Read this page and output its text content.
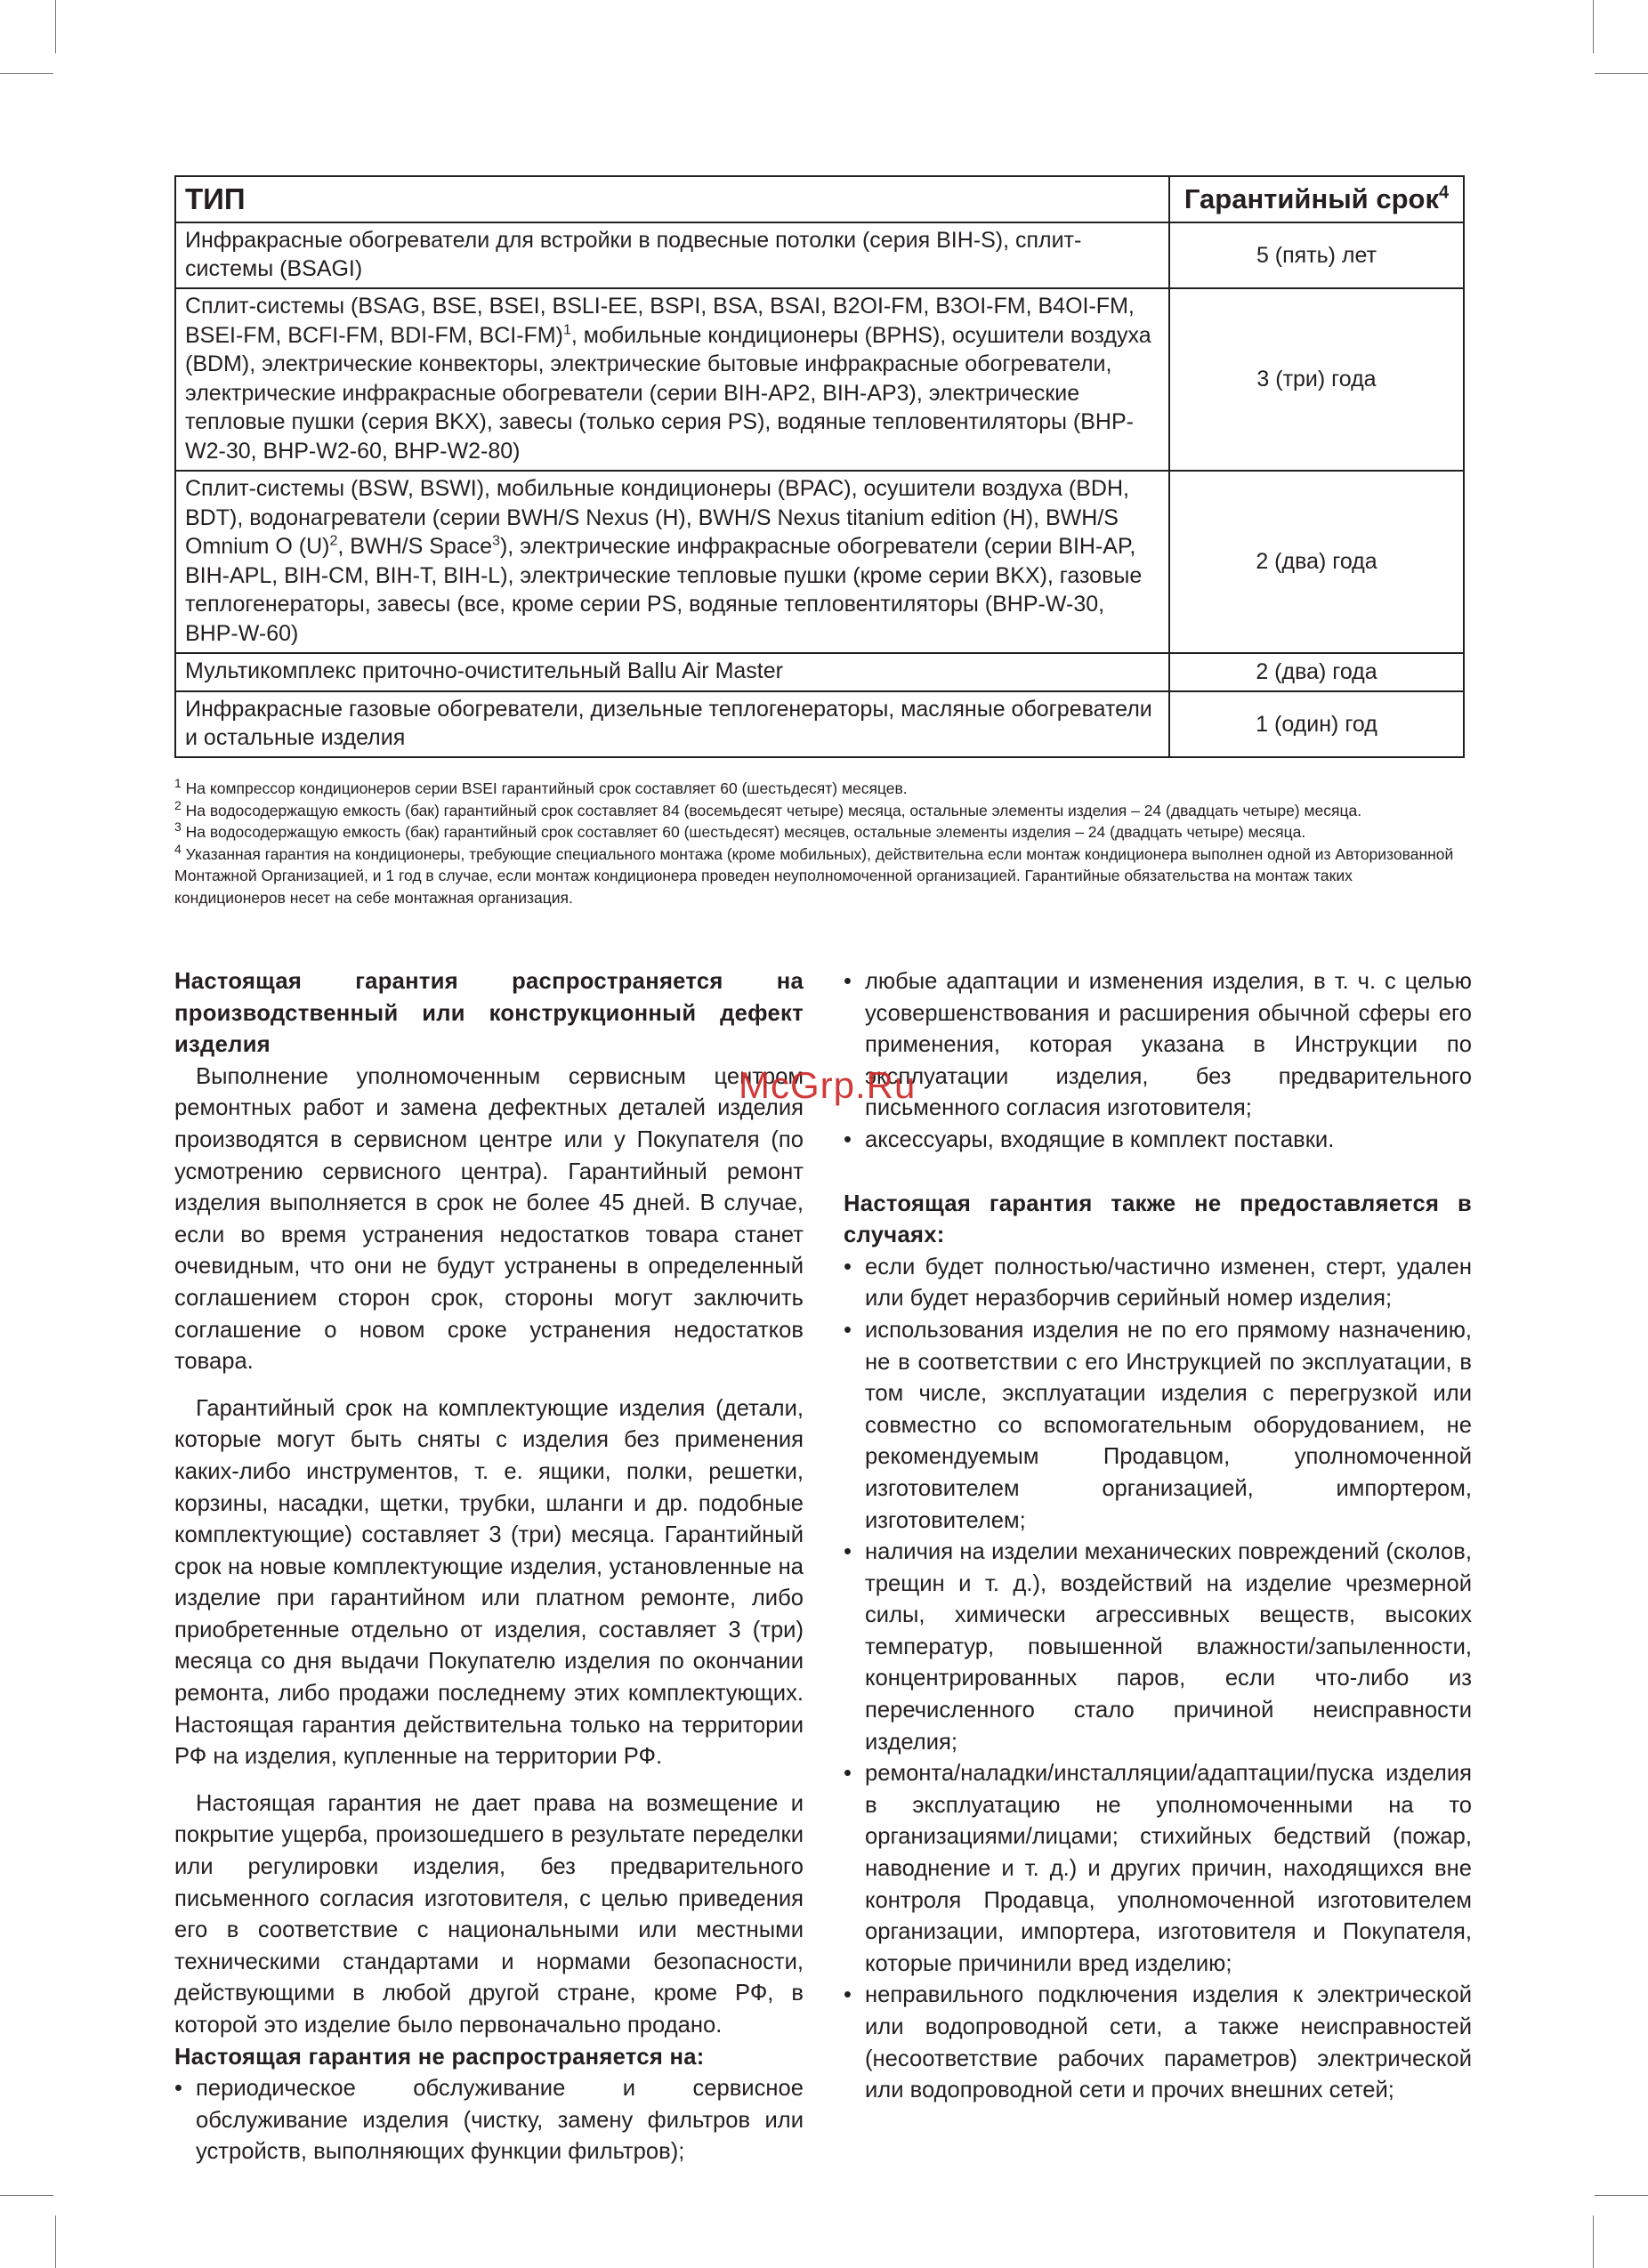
ТИП	Гарантийный срок$^4$
Инфракрасные обогреватели для встройки в подвесные потолки (серия BIH-S), сплит-системы (BSAGI)	5 (пять) лет
Сплит-системы (BSAG, BSE, BSEI, BSLI-EE, BSPI, BSA, BSAI, B2OI-FM, B3OI-FM, B4OI-FM, BSEI-FM, BCFI-FM, BDI-FM, BCI-FM)$^1$, мобильные кондиционеры (BPHS), осушители воздуха (BDM), электрические конвекторы, электрические бытовые инфракрасные обогреватели, электрические инфракрасные обогреватели (серии BIH-AP2, BIH-AP3), электрические тепловые пушки (серия BKX), завесы (только серия PS), водяные тепловентиляторы (BHP-W2-30, BHP-W2-60, BHP-W2-80)	3 (три) года
Сплит-системы (BSW, BSWI), мобильные кондиционеры (BPAC), осушители воздуха (BDH, BDT), водонагреватели (серии BWH/S Nexus (H), BWH/S Nexus titanium edition (H), BWH/S Omnium O $(U)^2$, BWH/S Space$^3$), электрические инфракрасные обогреватели (серии BIH-AP, BIH-APL, BIH-CM, BIH-T, BIH-L), электрические тепловые пушки (кроме серии BKX), газовые теплогенераторы, завесы (все, кроме серии PS, водяные тепловентиляторы (BHP-W-30, BHP-W-60)	2 (два) года
Мультикомплекс приточно-очистительный Ballu Air Master	2 (два) года
Инфракрасные газовые обогреватели, дизельные теплогенераторы, масляные обогреватели и остальные изделия	1 (один) год

$^1$ На компрессор кондиционеров серии BSEI гарантийный срок составляет 60 (шестьдесят) месяцев.

$^2$ На водосодержащую емкость (бак) гарантийный срок составляет 84 (восемьдесят четыре) месяца, остальные элементы изделия – 24 (двадцать четыре) месяца.

$^3$ На водосодержащую емкость (бак) гарантийный срок составляет 60 (шестьдесят) месяцев, остальные элементы изделия – 24 (двадцать четыре) месяца.

$^4$ Указанная гарантия на кондиционеры, требующие специального монтажа (кроме мобильных), действительна если монтаж кондиционера выполнен одной из Авторизованной Монтажной Организацией, и 1 год в случае, если монтаж кондиционера проведен неуполномоченной организацией. Гарантийные обязательства на монтаж таких кондиционеров несет на себе монтажная организация.

Настоящая гарантия распространяется на производственный или конструкционный дефект изделия

Выполнение уполномоченным сервисным центром ремонтных работ и замена дефектных деталей изделия производятся в сервисном центре или у Покупателя (по усмотрению сервисного центра). Гарантийный ремонт изделия выполняется в срок не более 45 дней. В случае, если во время устранения недостатков товара станет очевидным, что они не будут устранены в определенный соглашением сторон срок, стороны могут заключить соглашение о новом сроке устранения недостатков товара.

Гарантийный срок на комплектующие изделия (детали, которые могут быть сняты с изделия без применения каких-либо инструментов, т. е. ящики, полки, решетки, корзины, насадки, щетки, трубки, шланги и др. подобные комплектующие) составляет 3 (три) месяца. Гарантийный срок на новые комплектующие изделия, установленные на изделие при гарантийном или платном ремонте, либо приобретенные отдельно от изделия, составляет 3 (три) месяца со дня выдачи Покупателю изделия по окончании ремонта, либо продажи последнему этих комплектующих. Настоящая гарантия действительна только на территории РФ на изделия, купленные на территории РФ.

Настоящая гарантия не дает права на возмещение и покрытие ущерба, произошедшего в результате переделки или регулировки изделия, без предварительного письменного согласия изготовителя, с целью приведения его в соответствие с национальными или местными техническими стандартами и нормами безопасности, действующими в любой другой стране, кроме РФ, в которой это изделие было первоначально продано.

Настоящая гарантия не распространяется на:

• периодическое обслуживание и сервисное обслуживание изделия (чистку, замену фильтров или устройств, выполняющих функции фильтров);
• любые адаптации и изменения изделия, в т. ч. с целью усовершенствования и расширения обычной сферы его применения, которая указана в Инструкции по эксплуатации изделия, без предварительного письменного согласия изготовителя;
• аксессуары, входящие в комплект поставки.

Настоящая гарантия также не предоставляется в случаях:

• если будет полностью/частично изменен, стерт, удален или будет неразборчив серийный номер изделия;
• использования изделия не по его прямому назначению, не в соответствии с его Инструкцией по эксплуатации, в том числе, эксплуатации изделия с перегрузкой или совместно со вспомогательным оборудованием, не рекомендуемым Продавцом, уполномоченной изготовителем организацией, импортером, изготовителем;
• наличия на изделии механических повреждений (сколов, трещин и т. д.), воздействий на изделие чрезмерной силы, химически агрессивных веществ, высоких температур, повышенной влажности/запыленности, концентрированных паров, если что-либо из перечисленного стало причиной неисправности изделия;
• ремонта/наладки/инсталляции/адаптации/пуска изделия в эксплуатацию не уполномоченными на то организациями/лицами; стихийных бедствий (пожар, наводнение и т. д.) и других причин, находящихся вне контроля Продавца, уполномоченной изготовителем организации, импортера, изготовителя и Покупателя, которые причинили вред изделию;
• неправильного подключения изделия к электрической или водопроводной сети, а также неисправностей (несоответствие рабочих параметров) электрической или водопроводной сети и прочих внешних сетей;
McGrp.Ru
